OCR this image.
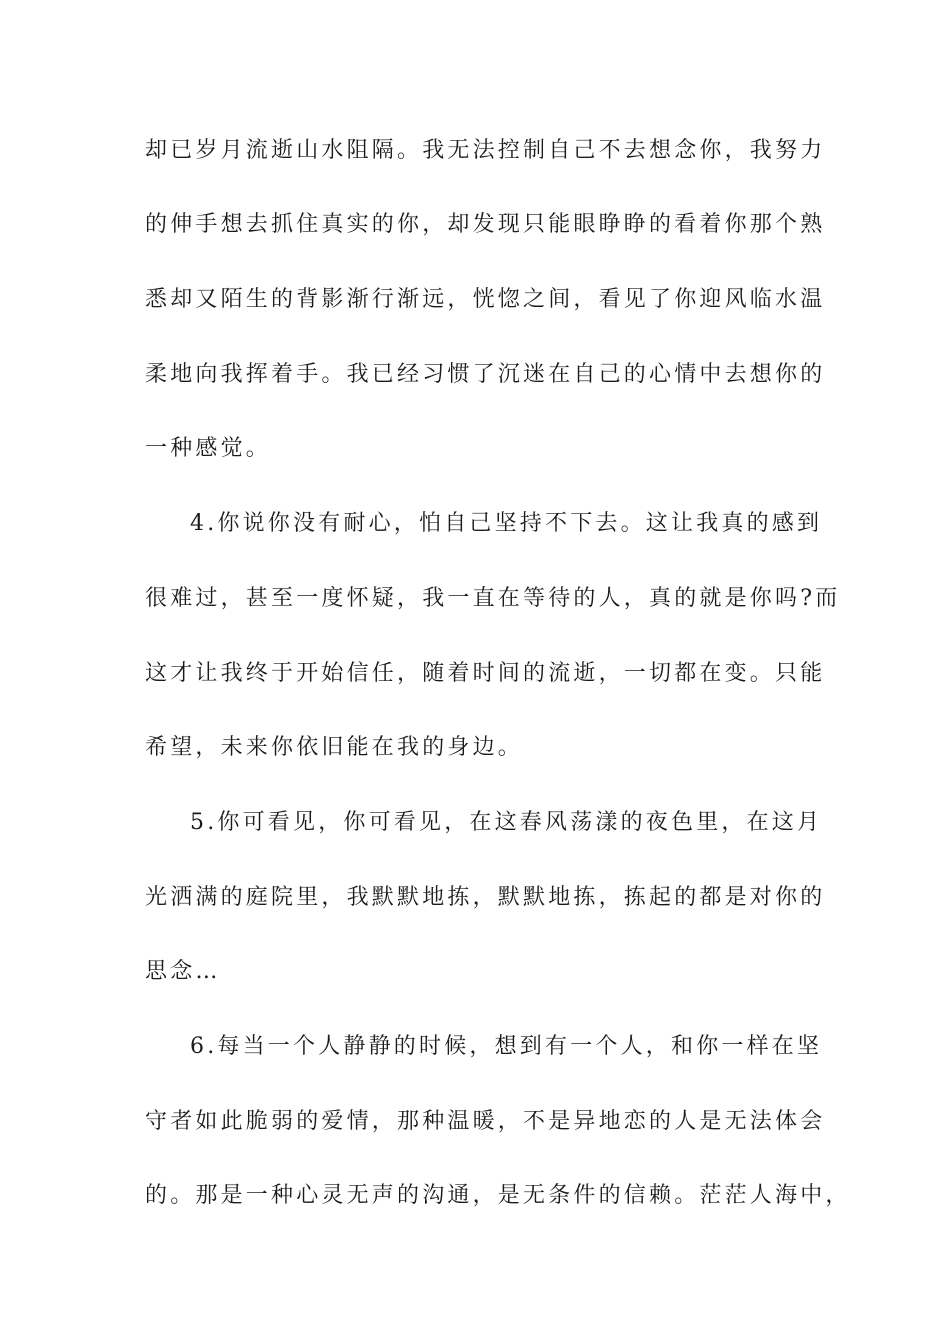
却已岁月流逝山水阻隔。我无法控制自己不去想念你，我努力
的伸手想去抓住真实的你，却发现只能眼睁睁的看着你那个熟
悉却又陌生的背影渐行渐远，恍惚之间，看见了你迎风临水温
柔地向我挥着手。我已经习惯了沉迷在自己的心情中去想你的
一种感觉。
4.你说你没有耐心，怕自己坚持不下去。这让我真的感到
很难过，甚至一度怀疑，我一直在等待的人，真的就是你吗?而
这才让我终于开始信任，随着时间的流逝，一切都在变。只能
希望，未来你依旧能在我的身边。
5.你可看见，你可看见，在这春风荡漾的夜色里，在这月
光洒满的庭院里，我默默地拣，默默地拣，拣起的都是对你的
思念…
6.每当一个人静静的时候，想到有一个人，和你一样在坚
守者如此脆弱的爱情，那种温暖，不是异地恋的人是无法体会
的。那是一种心灵无声的沟通，是无条件的信赖。茫茫人海中，
